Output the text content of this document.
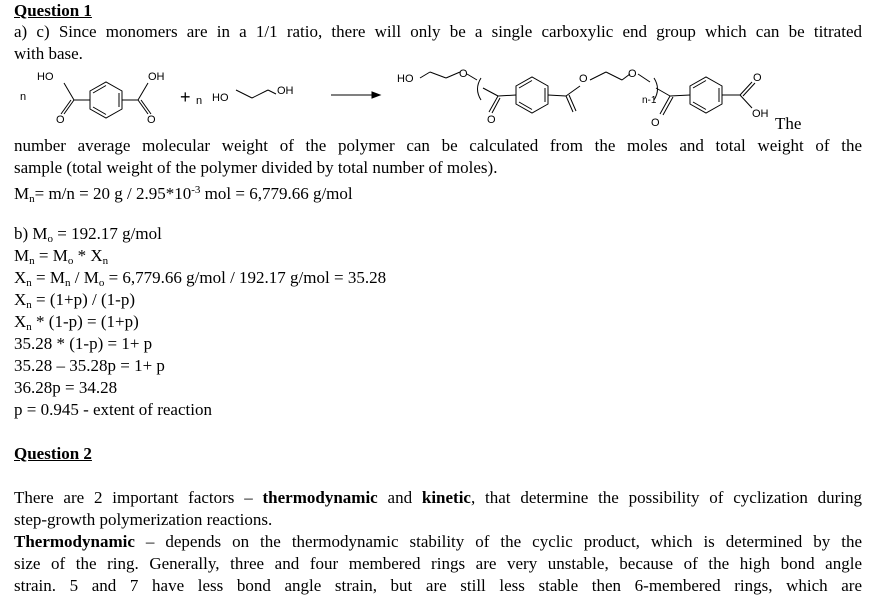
Question 1
a) c) Since monomers are in a 1/1 ratio, there will only be a single carboxylic end group which can be titrated
with base.
n
HO	OH
O	O
+ n HO
OH
HO	O	O	O
n-1
O	O
O
OH The
number average molecular weight of the polymer can be calculated from the moles and total weight of the
sample (total weight of the polymer divided by total number of moles).
$M_n= m/n = 20$ g / $2.95*10^{-3}$ mol = 6,779.66 g/mol
b) $M_o = 192.17$ g/mol
$M_n = M_o * X_n$
$X_n = M_n / M_o = 6,779.66$ g/mol / 192.17 g/mol = 35.28
$X_n = (1+p) / (1-p)$
$X_n * (1-p) = (1+p)$
35.28 * (1-p) = 1+ p
35.28 – 35.28p = 1+ p
36.28p = 34.28
p = 0.945 - extent of reaction
Question 2
There are 2 important factors – thermodynamic and kinetic, that determine the possibility of cyclization during
step-growth polymerization reactions.
Thermodynamic – depends on the thermodynamic stability of the cyclic product, which is determined by the
size of the ring. Generally, three and four membered rings are very unstable, because of the high bond angle
strain. 5 and 7 have less bond angle strain, but are still less stable then 6-membered rings, which are
